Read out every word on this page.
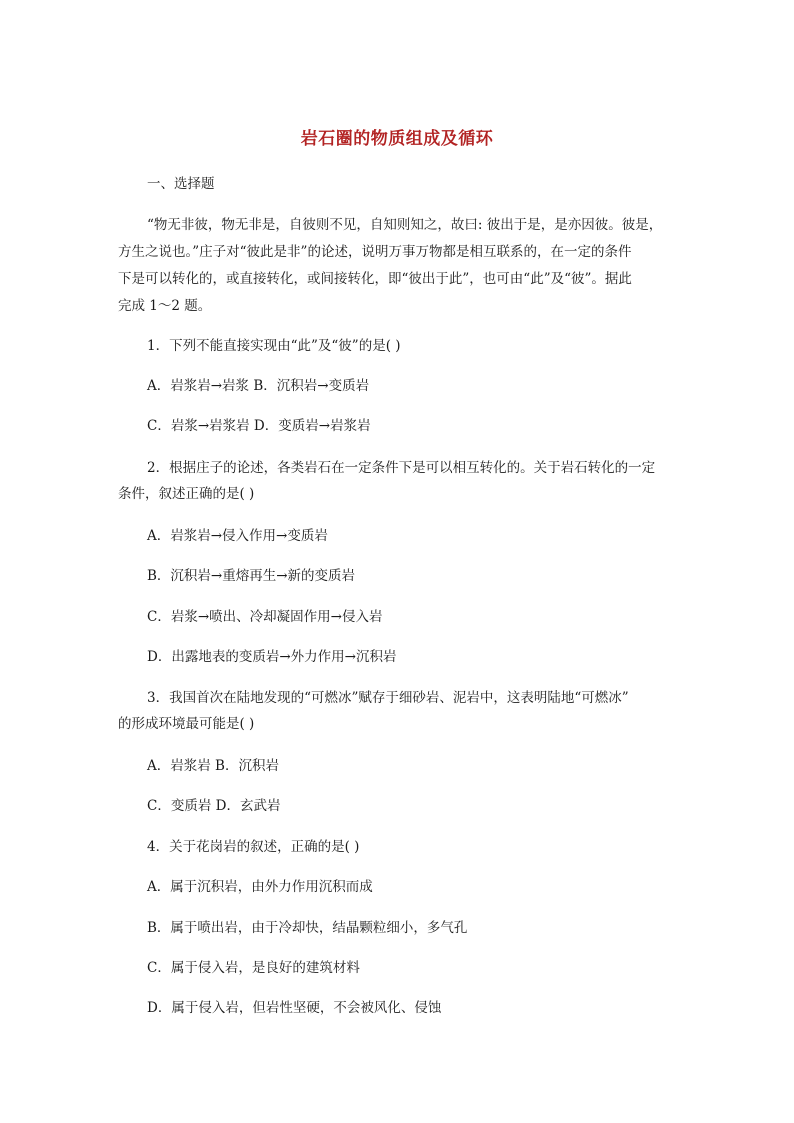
岩石圈的物质组成及循环
一、选择题
“物无非彼，物无非是，自彼则不见，自知则知之，故曰: 彼出于是，是亦因彼。彼是，
方生之说也。”庄子对“彼此是非”的论述，说明万事万物都是相互联系的，在一定的条件
下是可以转化的，或直接转化，或间接转化，即“彼出于此”，也可由“此”及“彼”。据此
完成 1～2 题。
1．下列不能直接实现由“此”及“彼”的是( )
A．岩浆岩→岩浆 B．沉积岩→变质岩
C．岩浆→岩浆岩 D．变质岩→岩浆岩
2．根据庄子的论述，各类岩石在一定条件下是可以相互转化的。关于岩石转化的一定
条件，叙述正确的是( )
A．岩浆岩→侵入作用→变质岩
B．沉积岩→重熔再生→新的变质岩
C．岩浆→喷出、冷却凝固作用→侵入岩
D．出露地表的变质岩→外力作用→沉积岩
3．我国首次在陆地发现的“可燃冰”赋存于细砂岩、泥岩中，这表明陆地“可燃冰”
的形成环境最可能是( )
A．岩浆岩 B．沉积岩
C．变质岩 D．玄武岩
4．关于花岗岩的叙述，正确的是( )
A．属于沉积岩，由外力作用沉积而成
B．属于喷出岩，由于冷却快，结晶颗粒细小，多气孔
C．属于侵入岩，是良好的建筑材料
D．属于侵入岩，但岩性坚硬，不会被风化、侵蚀
